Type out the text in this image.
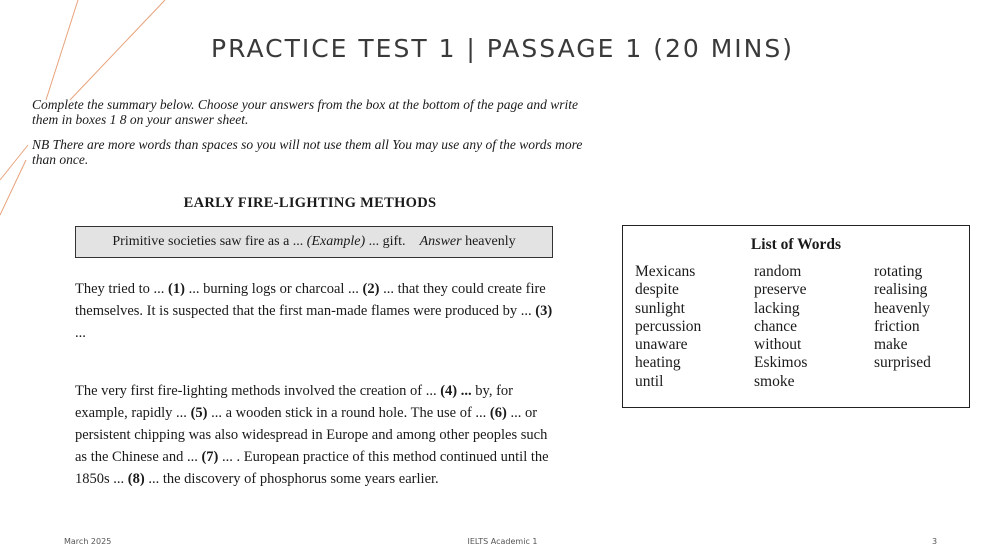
PRACTICE TEST 1 | PASSAGE 1 (20 MINS)
Complete the summary below. Choose your answers from the box at the bottom of the page and write them in boxes 1 8 on your answer sheet.
NB There are more words than spaces so you will not use them all You may use any of the words more than once.
EARLY FIRE-LIGHTING METHODS
Primitive societies saw fire as a ... (Example) ... gift. Answer heavenly
They tried to ... (1) ... burning logs or charcoal ... (2) ... that they could create fire themselves. It is suspected that the first man-made flames were produced by ... (3) ...
The very first fire-lighting methods involved the creation of ... (4) ... by, for example, rapidly ... (5) ... a wooden stick in a round hole. The use of ... (6) ... or persistent chipping was also widespread in Europe and among other peoples such as the Chinese and ... (7) ... . European practice of this method continued until the 1850s ... (8) ... the discovery of phosphorus some years earlier.
List of Words
Mexicans
despite
sunlight
percussion
unaware
heating
until
random
preserve
lacking
chance
without
Eskimos
smoke
rotating
realising
heavenly
friction
make
surprised
March 2025	IELTS Academic 1	3
